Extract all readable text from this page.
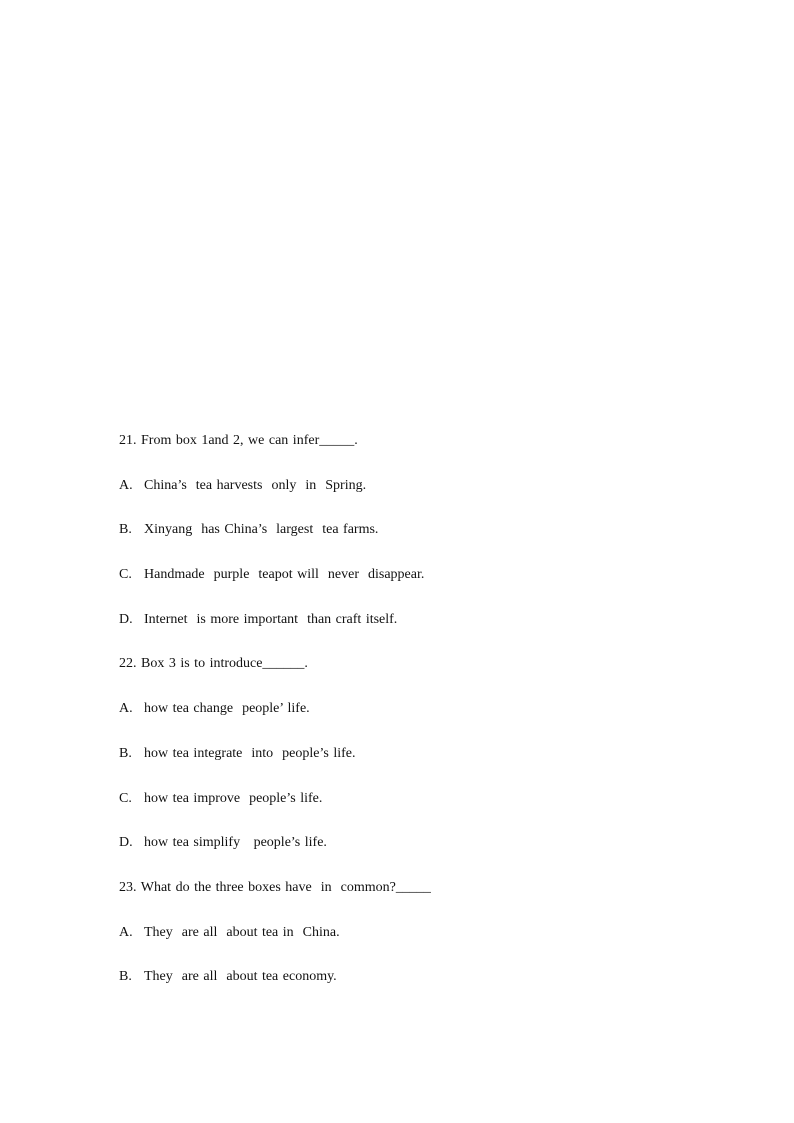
21. From box 1and 2, we can infer_____.
A. China’s  tea harvests  only  in  Spring.
B. Xinyang  has China’s  largest  tea farms.
C. Handmade  purple  teapot will  never  disappear.
D. Internet  is more important  than craft itself.
22. Box 3 is to introduce______.
A. how tea change  people’ life.
B. how tea integrate  into  people’s life.
C. how tea improve  people’s life.
D. how tea simplify   people’s life.
23. What do the three boxes have  in  common?_____
A. They  are all  about tea in  China.
B. They  are all  about tea economy.
